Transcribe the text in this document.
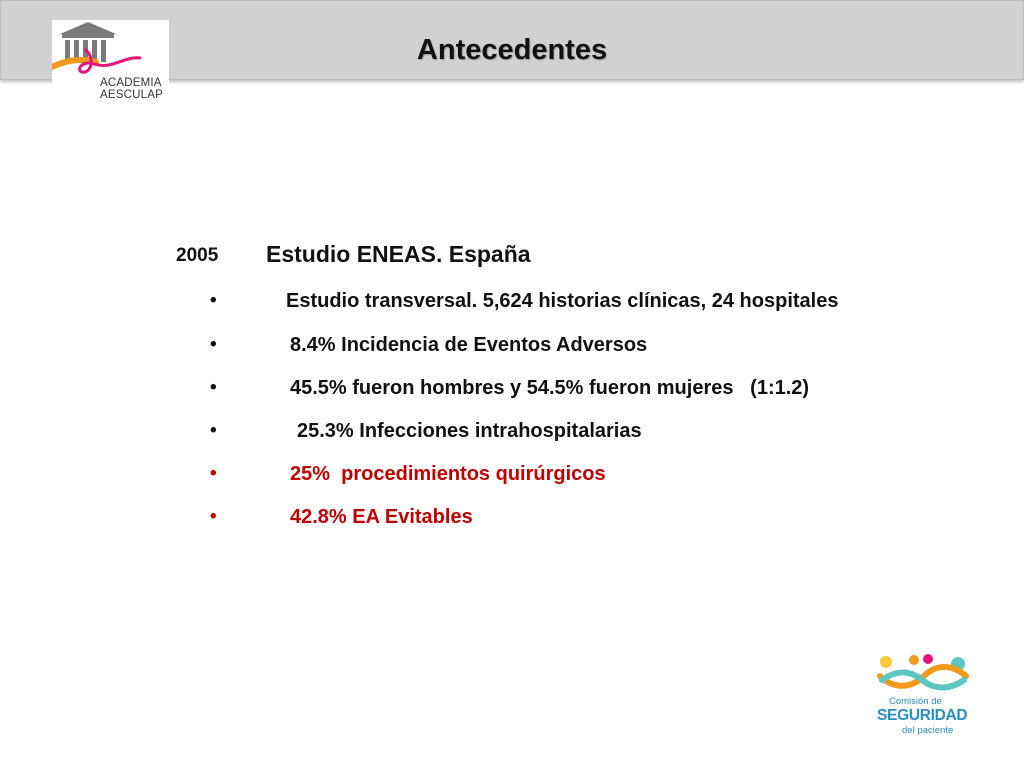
Antecedentes
ACADEMIA
AESCULAP
2005 Estudio ENEAS. España
•	Estudio transversal. 5,624 historias clínicas, 24 hospitales
•	8.4% Incidencia de Eventos Adversos
•	45.5% fueron hombres y 54.5% fueron mujeres   (1:1.2)
•	25.3% Infecciones intrahospitalarias
•	25%  procedimientos quirúrgicos
•	42.8% EA Evitables
Comisión de
SEGURIDAD
del paciente
